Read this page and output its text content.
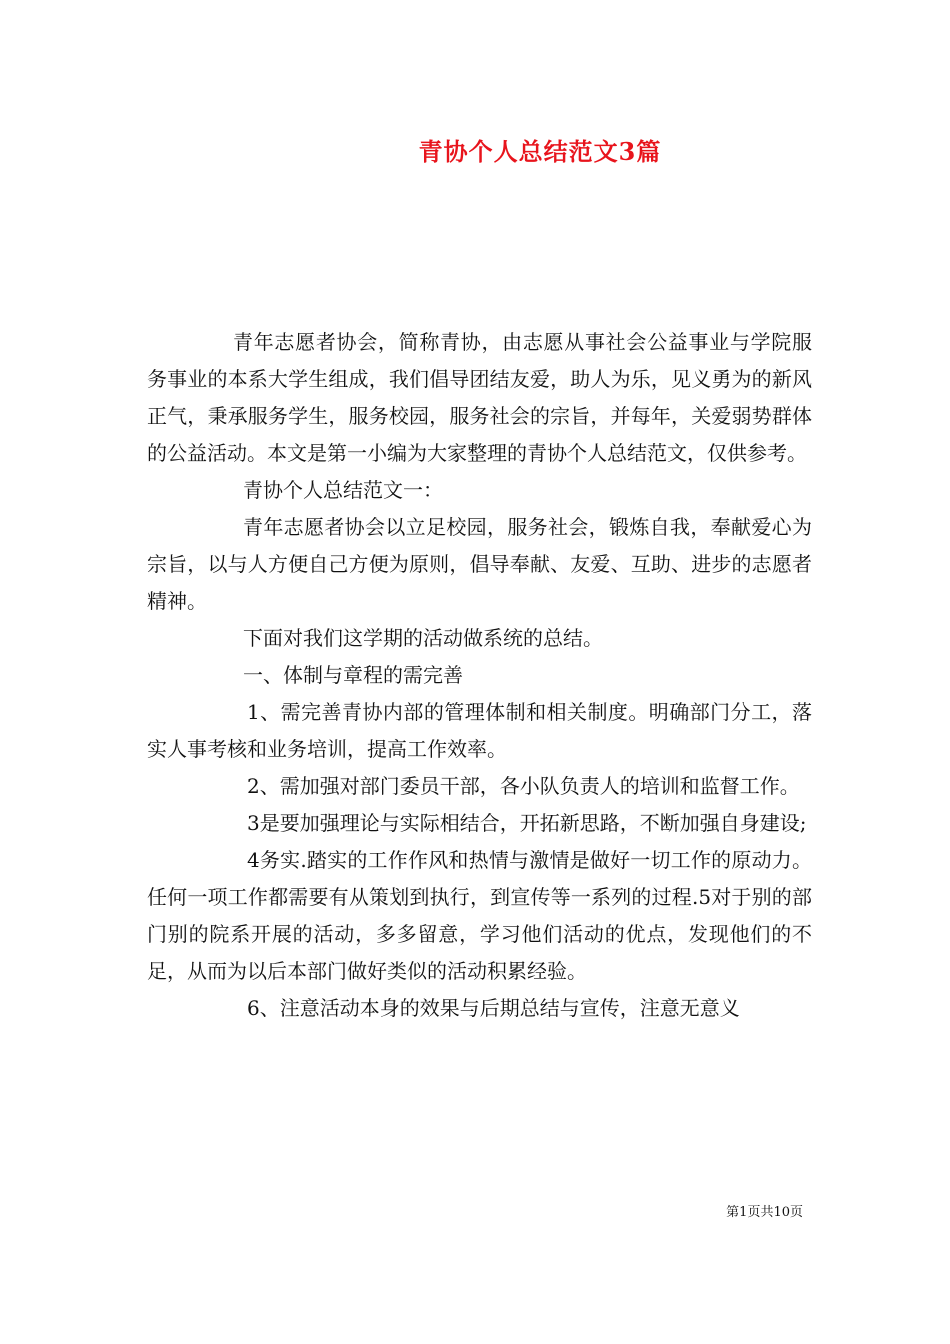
青协个人总结范文3篇

青年志愿者协会，简称青协，由志愿从事社会公益事业与学院服务事业的本系大学生组成，我们倡导团结友爱，助人为乐，见义勇为的新风正气，秉承服务学生，服务校园，服务社会的宗旨，并每年，关爱弱势群体的公益活动。本文是第一小编为大家整理的青协个人总结范文，仅供参考。

青协个人总结范文一：

青年志愿者协会以立足校园，服务社会，锻炼自我，奉献爱心为宗旨，以与人方便自己方便为原则，倡导奉献、友爱、互助、进步的志愿者精神。

下面对我们这学期的活动做系统的总结。

一、体制与章程的需完善

1、需完善青协内部的管理体制和相关制度。明确部门分工，落实人事考核和业务培训，提高工作效率。

2、需加强对部门委员干部，各小队负责人的培训和监督工作。

3是要加强理论与实际相结合，开拓新思路，不断加强自身建设;

4务实.踏实的工作作风和热情与激情是做好一切工作的原动力。任何一项工作都需要有从策划到执行，到宣传等一系列的过程.5对于别的部门别的院系开展的活动，多多留意，学习他们活动的优点，发现他们的不足，从而为以后本部门做好类似的活动积累经验。

6、注意活动本身的效果与后期总结与宣传，注意无意义

第1页共10页
